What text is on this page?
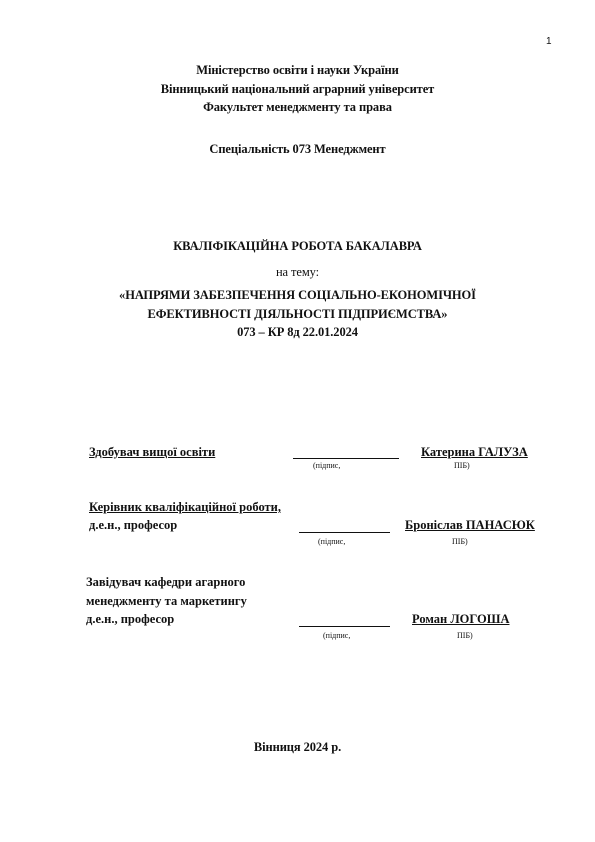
1
Міністерство освіти і науки України
Вінницький національний аграрний університет
Факультет менеджменту та права
Спеціальність 073 Менеджмент
КВАЛІФІКАЦІЙНА РОБОТА БАКАЛАВРА
на тему:
«НАПРЯМИ ЗАБЕЗПЕЧЕННЯ СОЦІАЛЬНО-ЕКОНОМІЧНОЇ
ЕФЕКТИВНОСТІ ДІЯЛЬНОСТІ ПІДПРИЄМСТВА»
073 – КР 8д 22.01.2024
Здобувач вищої освіти	Катерина ГАЛУЗА
(підпис,	ПІБ)
Керівник кваліфікаційної роботи,
д.е.н., професор	Броніслав ПАНАСЮК
(підпис,	ПІБ)
Завідувач кафедри агарного
менеджменту та маркетингу
д.е.н., професор	Роман ЛОГОША
(підпис,	ПІБ)
Вінниця 2024 р.
